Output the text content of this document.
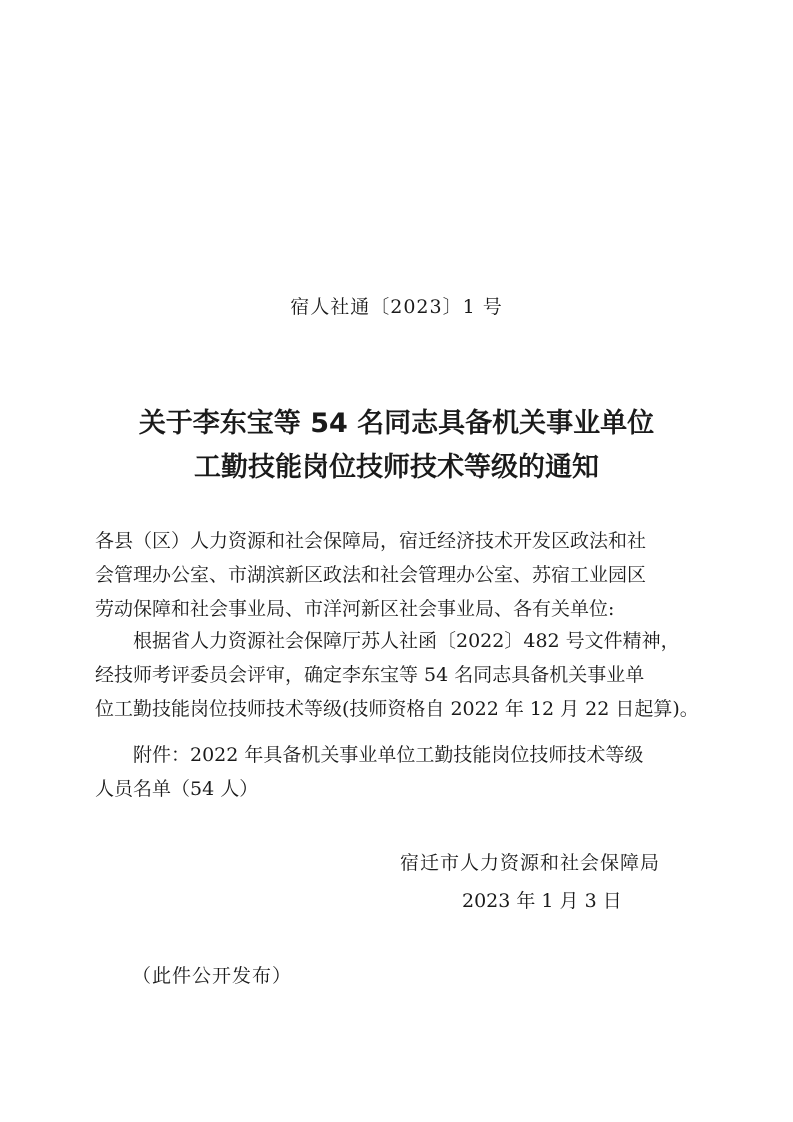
宿人社通〔2023〕1 号
关于李东宝等 54 名同志具备机关事业单位
工勤技能岗位技师技术等级的通知
各县（区）人力资源和社会保障局，宿迁经济技术开发区政法和社
会管理办公室、市湖滨新区政法和社会管理办公室、苏宿工业园区
劳动保障和社会事业局、市洋河新区社会事业局、各有关单位:
根据省人力资源社会保障厅苏人社函〔2022〕482 号文件精神，
经技师考评委员会评审，确定李东宝等 54 名同志具备机关事业单
位工勤技能岗位技师技术等级(技师资格自 2022 年 12 月 22 日起算)。
附件：2022 年具备机关事业单位工勤技能岗位技师技术等级
人员名单（54 人）
宿迁市人力资源和社会保障局
2023 年 1 月 3 日
（此件公开发布）
